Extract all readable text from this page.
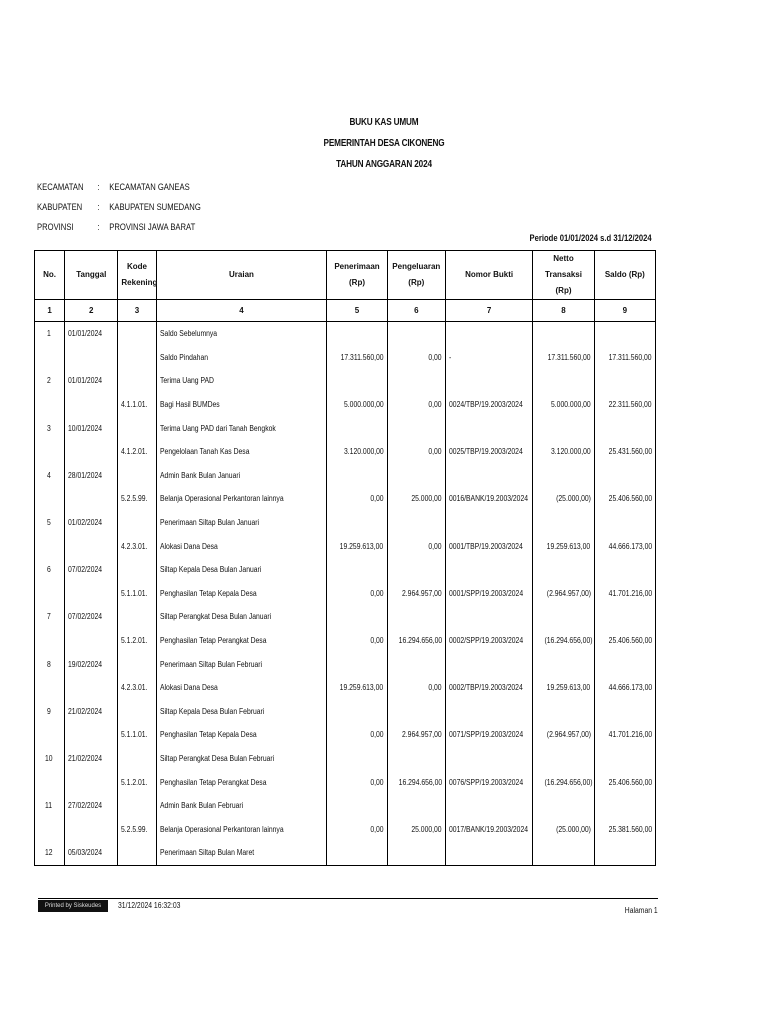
BUKU KAS UMUM
PEMERINTAH DESA CIKONENG
TAHUN ANGGARAN 2024
KECAMATAN	:	KECAMATAN GANEAS
KABUPATEN	:	KABUPATEN SUMEDANG
PROVINSI	:	PROVINSI JAWA BARAT
Periode 01/01/2024 s.d 31/12/2024
No.	Tanggal	Kode Rekening	Uraian	Penerimaan (Rp)	Pengeluaran (Rp)	Nomor Bukti	Netto Transaksi (Rp)	Saldo (Rp)
1	2	3	4	5	6	7	8	9
1	01/01/2024		Saldo Sebelumnya					
			Saldo Pindahan	17.311.560,00	0,00	-	17.311.560,00	17.311.560,00
2	01/01/2024		Terima Uang PAD					
		4.1.1.01.	Bagi Hasil BUMDes	5.000.000,00	0,00	0024/TBP/19.2003/2024	5.000.000,00	22.311.560,00
3	10/01/2024		Terima Uang PAD dari Tanah Bengkok					
		4.1.2.01.	Pengelolaan Tanah Kas Desa	3.120.000,00	0,00	0025/TBP/19.2003/2024	3.120.000,00	25.431.560,00
4	28/01/2024		Admin Bank Bulan Januari					
		5.2.5.99.	Belanja Operasional Perkantoran lainnya	0,00	25.000,00	0016/BANK/19.2003/2024	(25.000,00)	25.406.560,00
5	01/02/2024		Penerimaan Siltap Bulan Januari					
		4.2.3.01.	Alokasi Dana Desa	19.259.613,00	0,00	0001/TBP/19.2003/2024	19.259.613,00	44.666.173,00
6	07/02/2024		Siltap Kepala Desa Bulan Januari					
		5.1.1.01.	Penghasilan Tetap Kepala Desa	0,00	2.964.957,00	0001/SPP/19.2003/2024	(2.964.957,00)	41.701.216,00
7	07/02/2024		Siltap Perangkat Desa Bulan Januari					
		5.1.2.01.	Penghasilan Tetap Perangkat Desa	0,00	16.294.656,00	0002/SPP/19.2003/2024	(16.294.656,00)	25.406.560,00
8	19/02/2024		Penerimaan Siltap Bulan Februari					
		4.2.3.01.	Alokasi Dana Desa	19.259.613,00	0,00	0002/TBP/19.2003/2024	19.259.613,00	44.666.173,00
9	21/02/2024		Siltap Kepala Desa Bulan Februari					
		5.1.1.01.	Penghasilan Tetap Kepala Desa	0,00	2.964.957,00	0071/SPP/19.2003/2024	(2.964.957,00)	41.701.216,00
10	21/02/2024		Siltap Perangkat Desa Bulan Februari					
		5.1.2.01.	Penghasilan Tetap Perangkat Desa	0,00	16.294.656,00	0076/SPP/19.2003/2024	(16.294.656,00)	25.406.560,00
11	27/02/2024		Admin Bank Bulan Februari					
		5.2.5.99.	Belanja Operasional Perkantoran lainnya	0,00	25.000,00	0017/BANK/19.2003/2024	(25.000,00)	25.381.560,00
12	05/03/2024		Penerimaan Siltap Bulan Maret					
Printed by Siskeudes	31/12/2024 16:32:03
Halaman 1
